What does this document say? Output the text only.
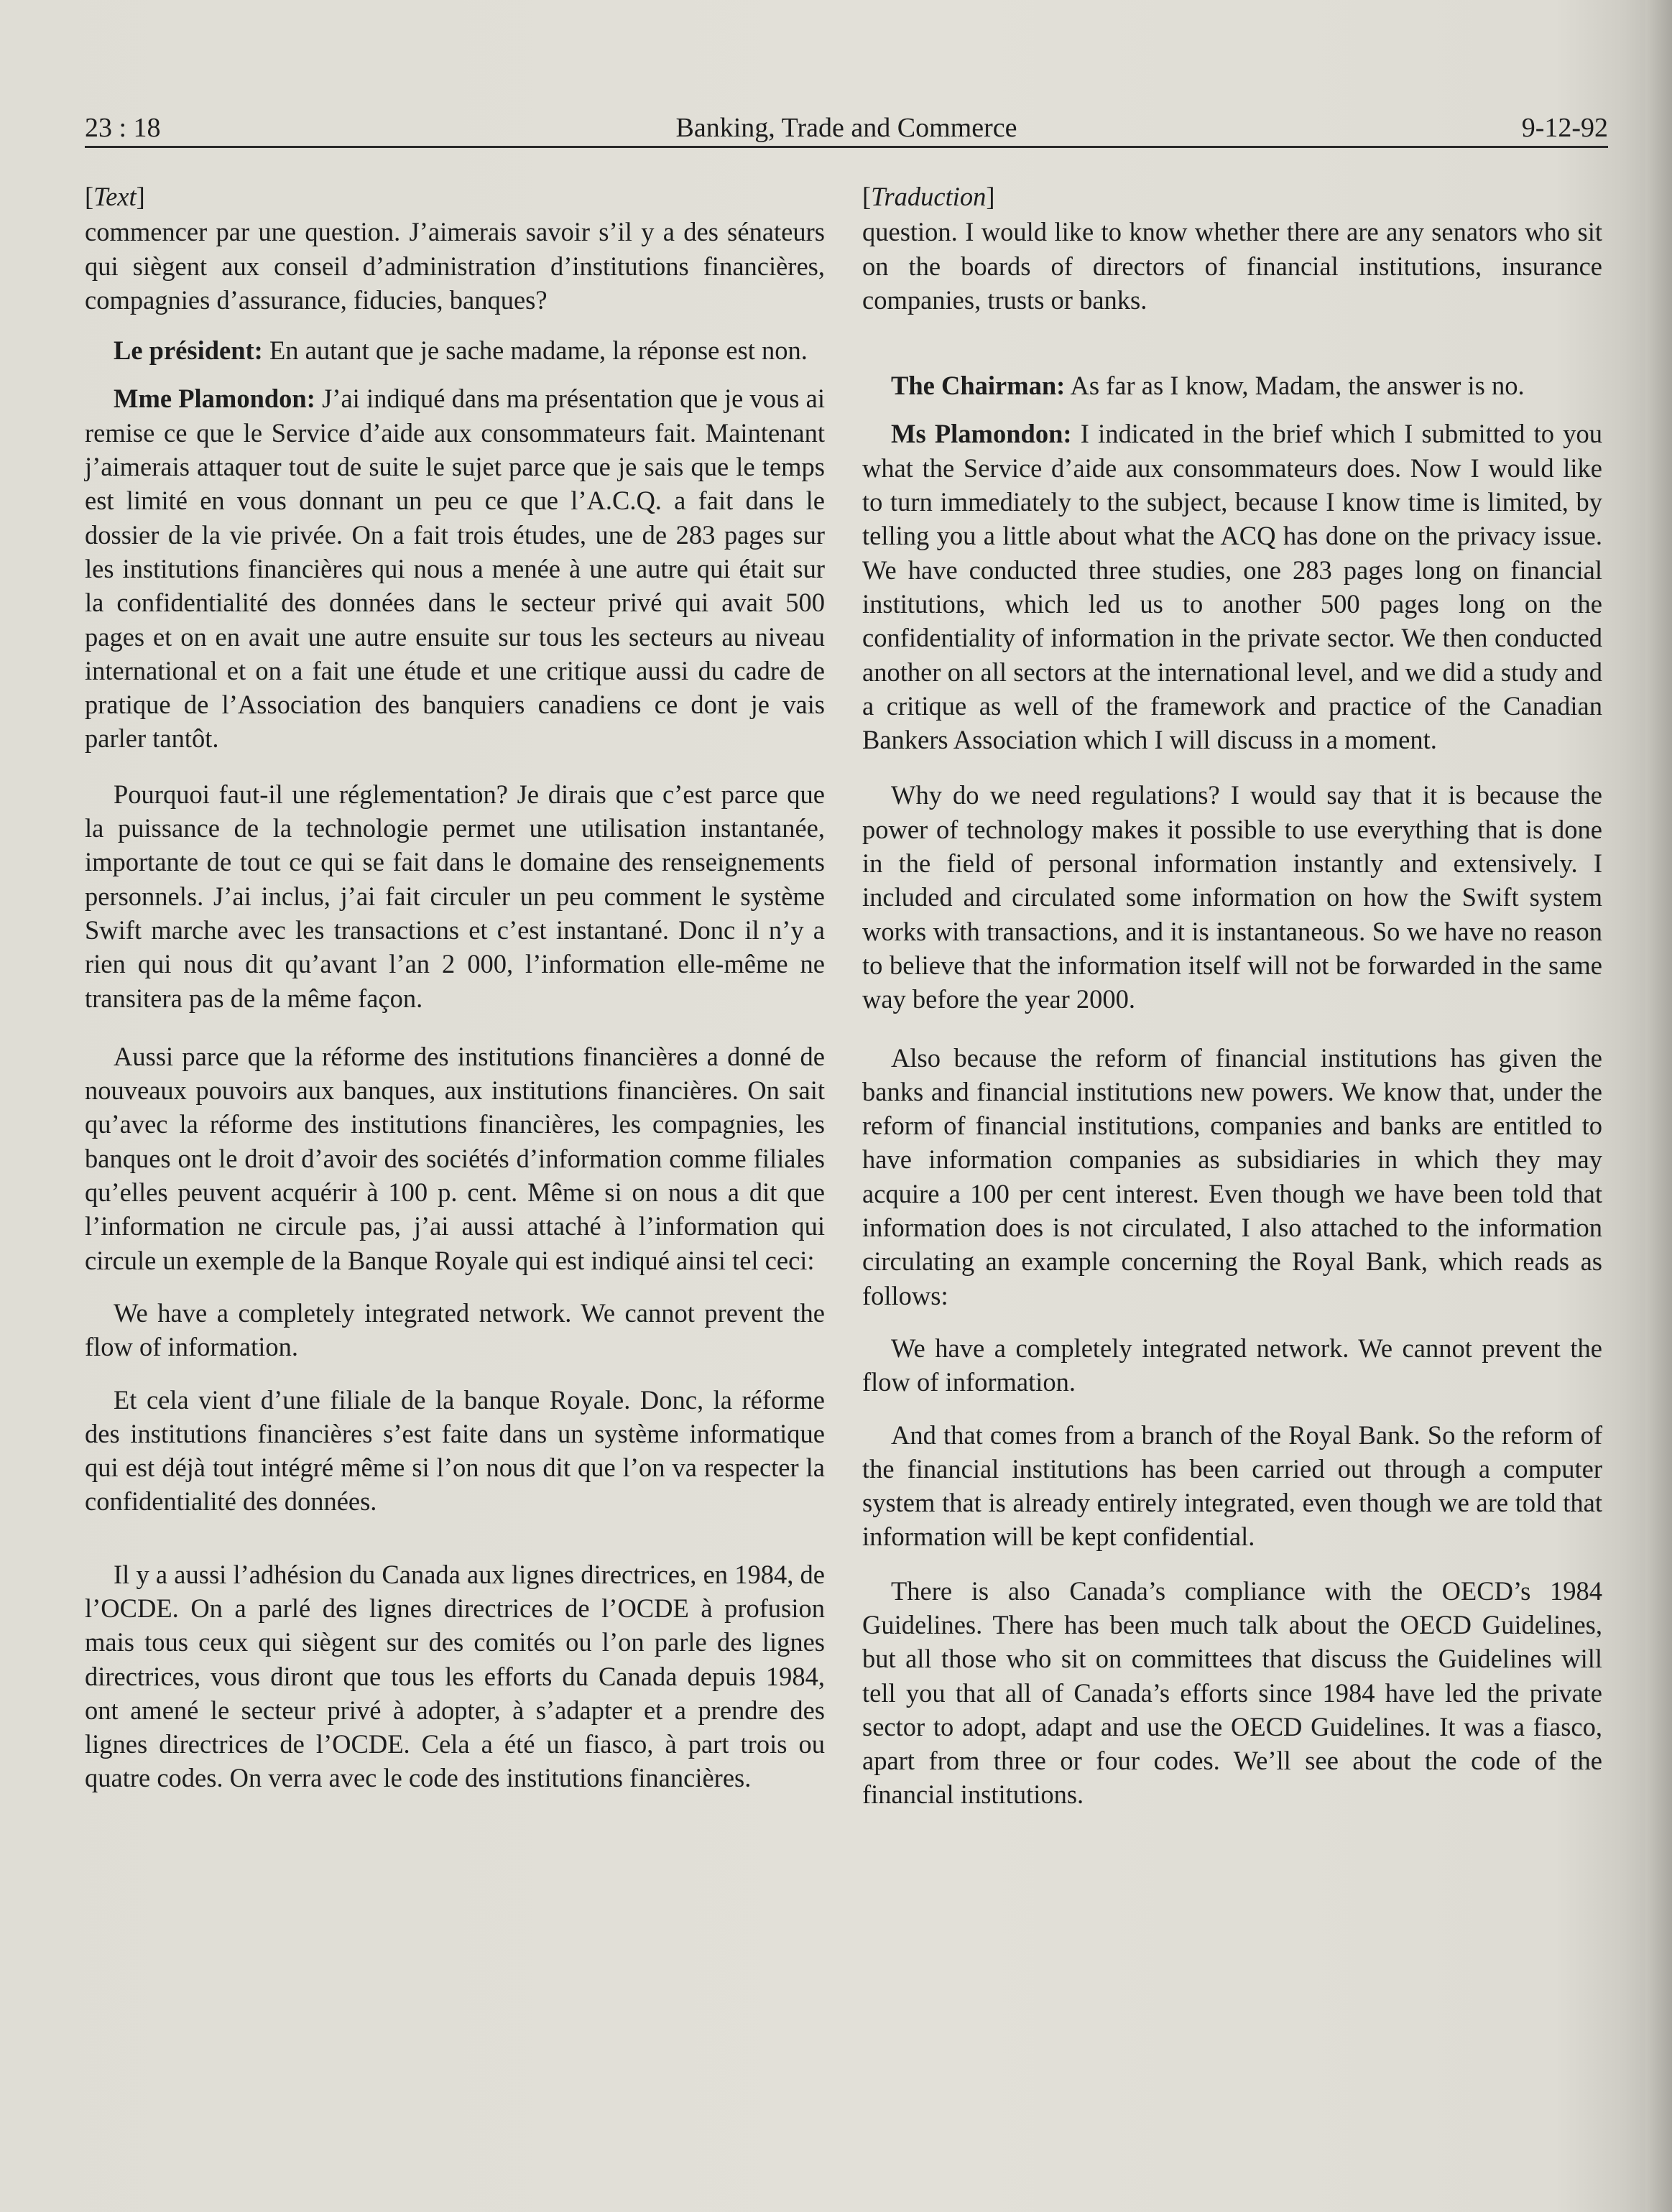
Banking, Trade and Commerce
23 : 18	9-12-92
[Text]

commencer par une question. J’aimerais savoir s’il y a des sénateurs qui siègent aux conseil d’administration d’institutions financières, compagnies d’assurance, fiducies, banques?

Le président: En autant que je sache madame, la réponse est non.

Mme Plamondon: J’ai indiqué dans ma présentation que je vous ai remise ce que le Service d’aide aux consommateurs fait. Maintenant j’aimerais attaquer tout de suite le sujet parce que je sais que le temps est limité en vous donnant un peu ce que l’A.C.Q. a fait dans le dossier de la vie privée. On a fait trois études, une de 283 pages sur les institutions financières qui nous a menée à une autre qui était sur la confidentialité des données dans le secteur privé qui avait 500 pages et on en avait une autre ensuite sur tous les secteurs au niveau international et on a fait une étude et une critique aussi du cadre de pratique de l’Association des banquiers canadiens ce dont je vais parler tantôt.

Pourquoi faut-il une réglementation? Je dirais que c’est parce que la puissance de la technologie permet une utilisation instantanée, importante de tout ce qui se fait dans le domaine des renseignements personnels. J’ai inclus, j’ai fait circuler un peu comment le système Swift marche avec les transactions et c’est instantané. Donc il n’y a rien qui nous dit qu’avant l’an 2 000, l’information elle-même ne transitera pas de la même façon.

Aussi parce que la réforme des institutions financières a donné de nouveaux pouvoirs aux banques, aux institutions financières. On sait qu’avec la réforme des institutions financières, les compagnies, les banques ont le droit d’avoir des sociétés d’information comme filiales qu’elles peuvent acquérir à 100 p. cent. Même si on nous a dit que l’information ne circule pas, j’ai aussi attaché à l’information qui circule un exemple de la Banque Royale qui est indiqué ainsi tel ceci:

We have a completely integrated network. We cannot prevent the flow of information.

Et cela vient d’une filiale de la banque Royale. Donc, la réforme des institutions financières s’est faite dans un système informatique qui est déjà tout intégré même si l’on nous dit que l’on va respecter la confidentialité des données.

Il y a aussi l’adhésion du Canada aux lignes directrices, en 1984, de l’OCDE. On a parlé des lignes directrices de l’OCDE à profusion mais tous ceux qui siègent sur des comités ou l’on parle des lignes directrices, vous diront que tous les efforts du Canada depuis 1984, ont amené le secteur privé à adopter, à s’adapter et a prendre des lignes directrices de l’OCDE. Cela a été un fiasco, à part trois ou quatre codes. On verra avec le code des institutions financières.

[Traduction]

question. I would like to know whether there are any senators who sit on the boards of directors of financial institutions, insurance companies, trusts or banks.

The Chairman: As far as I know, Madam, the answer is no.

Ms Plamondon: I indicated in the brief which I submitted to you what the Service d’aide aux consommateurs does. Now I would like to turn immediately to the subject, because I know time is limited, by telling you a little about what the ACQ has done on the privacy issue. We have conducted three studies, one 283 pages long on financial institutions, which led us to another 500 pages long on the confidentiality of information in the private sector. We then conducted another on all sectors at the international level, and we did a study and a critique as well of the framework and practice of the Canadian Bankers Association which I will discuss in a moment.

Why do we need regulations? I would say that it is because the power of technology makes it possible to use everything that is done in the field of personal information instantly and extensively. I included and circulated some information on how the Swift system works with transactions, and it is instantaneous. So we have no reason to believe that the information itself will not be forwarded in the same way before the year 2000.

Also because the reform of financial institutions has given the banks and financial institutions new powers. We know that, under the reform of financial institutions, companies and banks are entitled to have information companies as subsidiaries in which they may acquire a 100 per cent interest. Even though we have been told that information does is not circulated, I also attached to the information circulating an example concerning the Royal Bank, which reads as follows:

We have a completely integrated network. We cannot prevent the flow of information.

And that comes from a branch of the Royal Bank. So the reform of the financial institutions has been carried out through a computer system that is already entirely integrated, even though we are told that information will be kept confidential.

There is also Canada’s compliance with the OECD’s 1984 Guidelines. There has been much talk about the OECD Guidelines, but all those who sit on committees that discuss the Guidelines will tell you that all of Canada’s efforts since 1984 have led the private sector to adopt, adapt and use the OECD Guidelines. It was a fiasco, apart from three or four codes. We’ll see about the code of the financial institutions.
